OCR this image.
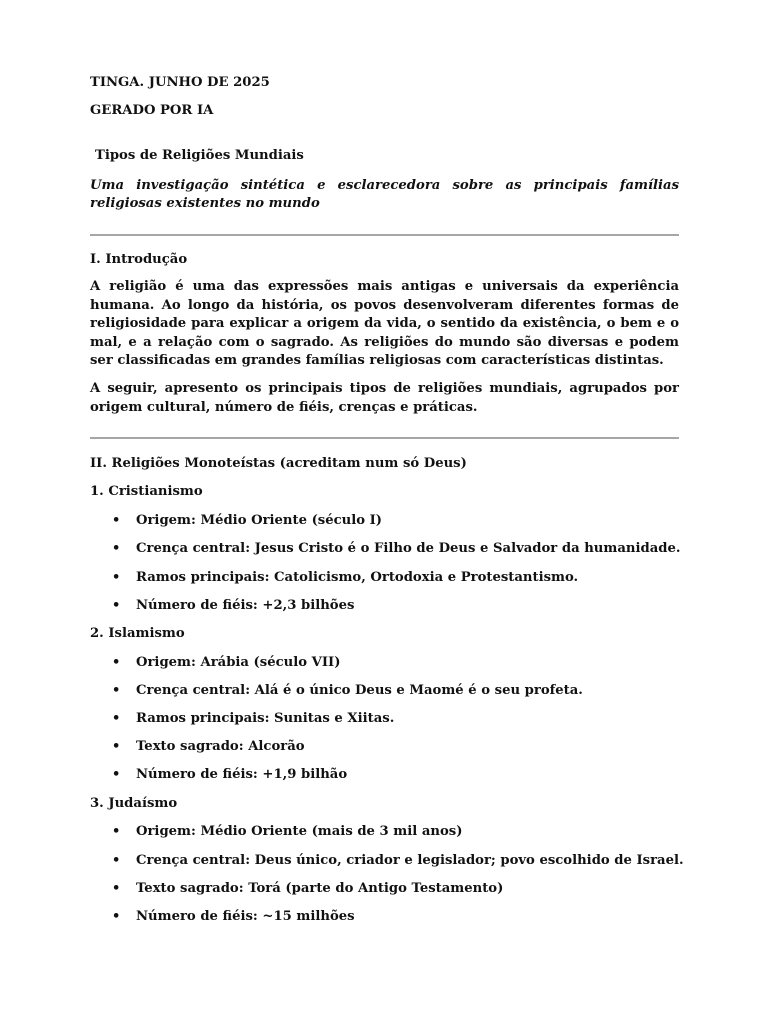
TINGA. JUNHO DE 2025
GERADO POR IA
Tipos de Religiões Mundiais
Uma investigação sintética e esclarecedora sobre as principais famílias religiosas existentes no mundo
I. Introdução
A religião é uma das expressões mais antigas e universais da experiência humana. Ao longo da história, os povos desenvolveram diferentes formas de religiosidade para explicar a origem da vida, o sentido da existência, o bem e o mal, e a relação com o sagrado. As religiões do mundo são diversas e podem ser classificadas em grandes famílias religiosas com características distintas.
A seguir, apresento os principais tipos de religiões mundiais, agrupados por origem cultural, número de fiéis, crenças e práticas.
II. Religiões Monoteístas (acreditam num só Deus)
1. Cristianismo
• Origem: Médio Oriente (século I)
• Crença central: Jesus Cristo é o Filho de Deus e Salvador da humanidade.
• Ramos principais: Catolicismo, Ortodoxia e Protestantismo.
• Número de fiéis: +2,3 bilhões
2. Islamismo
• Origem: Arábia (século VII)
• Crença central: Alá é o único Deus e Maomé é o seu profeta.
• Ramos principais: Sunitas e Xiitas.
• Texto sagrado: Alcorão
• Número de fiéis: +1,9 bilhão
3. Judaísmo
• Origem: Médio Oriente (mais de 3 mil anos)
• Crença central: Deus único, criador e legislador; povo escolhido de Israel.
• Texto sagrado: Torá (parte do Antigo Testamento)
• Número de fiéis: ~15 milhões
